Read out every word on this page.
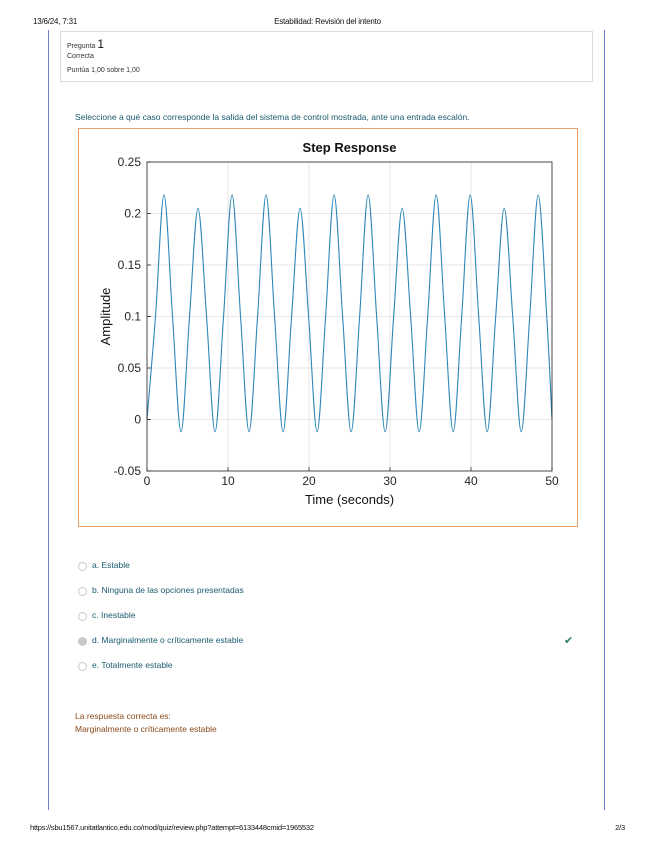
13/6/24, 7:31	Estabilidad: Revisión del intento
Pregunta 1
Correcta
Puntúa 1,00 sobre 1,00
Seleccione a qué caso corresponde la salida del sistema de control mostrada, ante una entrada escalón.
0	10	20	30	40	50
-0.05
0
0.05
0.1
0.15
0.2
0.25
Step Response
Time (seconds)
Amplitude
a. Estable
b. Ninguna de las opciones presentadas
c. Inestable
d. Marginalmente o críticamente estable	✔
e. Totalmente estable
La respuesta correcta es:
Marginalmente o críticamente estable
https://sbu1567.unitatlantico.edu.co/mod/quiz/review.php?attempt=6133448cmid=1965532	2/3
